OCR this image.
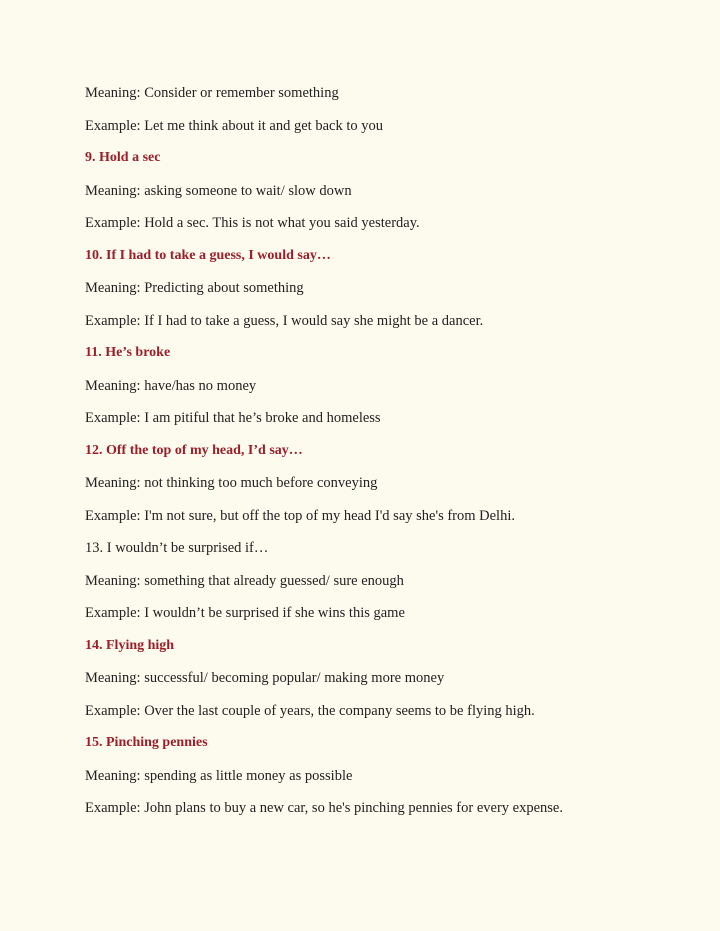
Meaning: Consider or remember something
Example: Let me think about it and get back to you
9. Hold a sec
Meaning: asking someone to wait/ slow down
Example: Hold a sec. This is not what you said yesterday.
10. If I had to take a guess, I would say…
Meaning: Predicting about something
Example: If I had to take a guess, I would say she might be a dancer.
11. He’s broke
Meaning: have/has no money
Example: I am pitiful that he’s broke and homeless
12. Off the top of my head, I’d say…
Meaning: not thinking too much before conveying
Example: I'm not sure, but off the top of my head I'd say she's from Delhi.
13. I wouldn’t be surprised if…
Meaning: something that already guessed/ sure enough
Example: I wouldn’t be surprised if she wins this game
14. Flying high
Meaning: successful/ becoming popular/ making more money
Example: Over the last couple of years, the company seems to be flying high.
15. Pinching pennies
Meaning: spending as little money as possible
Example: John plans to buy a new car, so he's pinching pennies for every expense.
